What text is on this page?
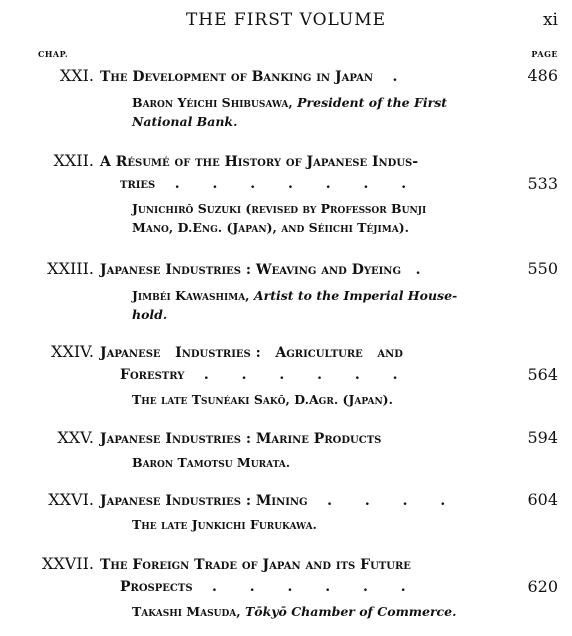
THE FIRST VOLUME	xi
CHAP.	PAGE
XXI. The Development of Banking in Japan .	486
Baron Yéichi Shibusawa, President of the First
National Bank.
XXII. A Résumé of the History of Japanese Indus-
tries . . . . . . .	533
Junichirō Suzuki (revised by Professor Bunji
Mano, D.Eng. (Japan), and Séiichi Téjima).
XXIII. Japanese Industries : Weaving and Dyeing .	550
Jimbéi Kawashima, Artist to the Imperial House-
hold.
XXIV. Japanese   Industries :   Agriculture   and
Forestry . . . . . .	564
The late Tsunéaki Sakō, D.Agr. (Japan).
XXV. Japanese Industries : Marine Products	594
Baron Tamotsu Murata.
XXVI. Japanese Industries : Mining . . . .	604
The late Junkichi Furukawa.
XXVII. The Foreign Trade of Japan and its Future
Prospects . . . . . .	620
Takashi Masuda, Tōkyō Chamber of Commerce.
